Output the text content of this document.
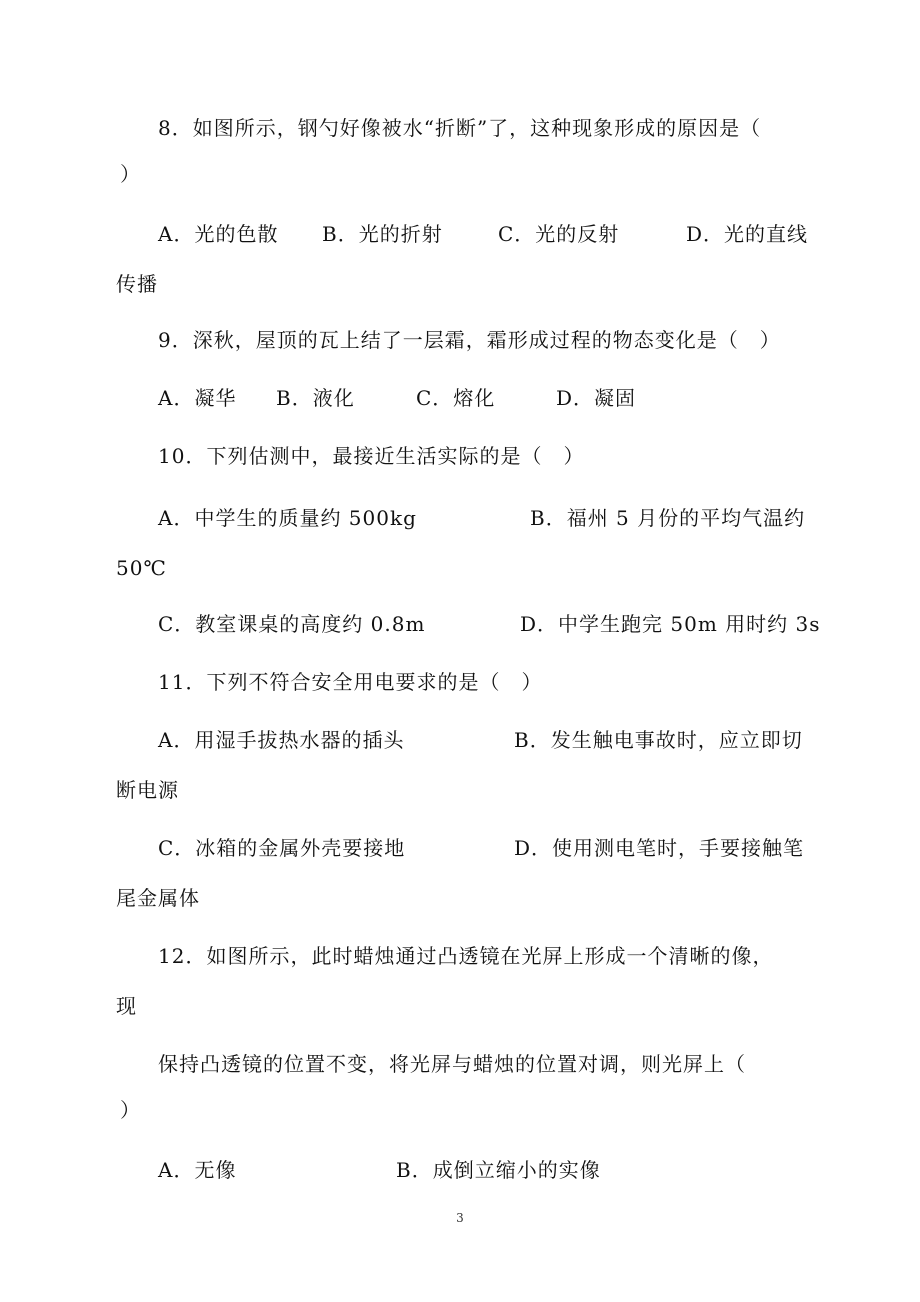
8．如图所示，钢勺好像被水“折断”了，这种现象形成的原因是（
）
A．光的色散 B．光的折射	C．光的反射	D．光的直线
传播
9．深秋，屋顶的瓦上结了一层霜，霜形成过程的物态变化是（　）
A．凝华 B．液化	C．熔化	D．凝固
10．下列估测中，最接近生活实际的是（　）
A．中学生的质量约 500kg	B．福州 5 月份的平均气温约
50℃
C．教室课桌的高度约 0.8m	D．中学生跑完 50m 用时约 3s
11．下列不符合安全用电要求的是（　）
A．用湿手拔热水器的插头	B．发生触电事故时，应立即切
断电源
C．冰箱的金属外壳要接地	D．使用测电笔时，手要接触笔
尾金属体
12．如图所示，此时蜡烛通过凸透镜在光屏上形成一个清晰的像，
现
保持凸透镜的位置不变，将光屏与蜡烛的位置对调，则光屏上（
）
A．无像	B．成倒立缩小的实像
3
